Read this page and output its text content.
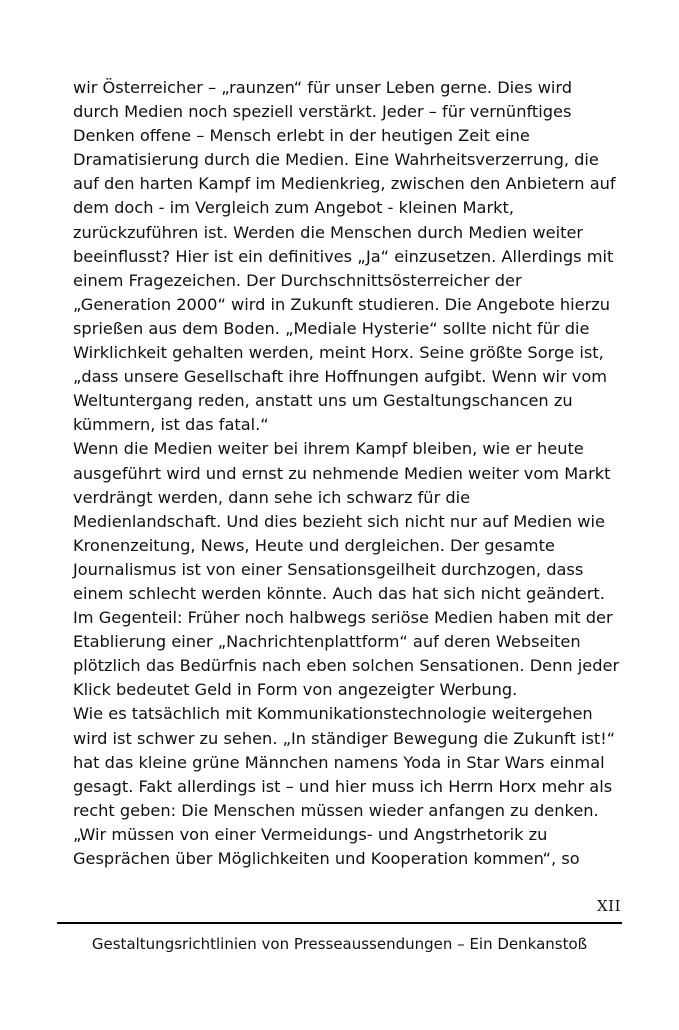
wir Österreicher – „raunzen“ für unser Leben gerne. Dies wird
durch Medien noch speziell verstärkt. Jeder – für vernünftiges
Denken offene – Mensch erlebt in der heutigen Zeit eine
Dramatisierung durch die Medien. Eine Wahrheitsverzerrung, die
auf den harten Kampf im Medienkrieg, zwischen den Anbietern auf
dem doch - im Vergleich zum Angebot - kleinen Markt,
zurückzuführen ist. Werden die Menschen durch Medien weiter
beeinflusst? Hier ist ein definitives „Ja“ einzusetzen. Allerdings mit
einem Fragezeichen. Der Durchschnittsösterreicher der
„Generation 2000“ wird in Zukunft studieren. Die Angebote hierzu
sprießen aus dem Boden. „Mediale Hysterie“ sollte nicht für die
Wirklichkeit gehalten werden, meint Horx. Seine größte Sorge ist,
„dass unsere Gesellschaft ihre Hoffnungen aufgibt. Wenn wir vom
Weltuntergang reden, anstatt uns um Gestaltungschancen zu
kümmern, ist das fatal.“
Wenn die Medien weiter bei ihrem Kampf bleiben, wie er heute
ausgeführt wird und ernst zu nehmende Medien weiter vom Markt
verdrängt werden, dann sehe ich schwarz für die
Medienlandschaft. Und dies bezieht sich nicht nur auf Medien wie
Kronenzeitung, News, Heute und dergleichen. Der gesamte
Journalismus ist von einer Sensationsgeilheit durchzogen, dass
einem schlecht werden könnte. Auch das hat sich nicht geändert.
Im Gegenteil: Früher noch halbwegs seriöse Medien haben mit der
Etablierung einer „Nachrichtenplattform“ auf deren Webseiten
plötzlich das Bedürfnis nach eben solchen Sensationen. Denn jeder
Klick bedeutet Geld in Form von angezeigter Werbung.
Wie es tatsächlich mit Kommunikationstechnologie weitergehen
wird ist schwer zu sehen. „In ständiger Bewegung die Zukunft ist!“
hat das kleine grüne Männchen namens Yoda in Star Wars einmal
gesagt. Fakt allerdings ist – und hier muss ich Herrn Horx mehr als
recht geben: Die Menschen müssen wieder anfangen zu denken.
„Wir müssen von einer Vermeidungs- und Angstrhetorik zu
Gesprächen über Möglichkeiten und Kooperation kommen“, so
XII
Gestaltungsrichtlinien von Presseaussendungen – Ein Denkanstoß
